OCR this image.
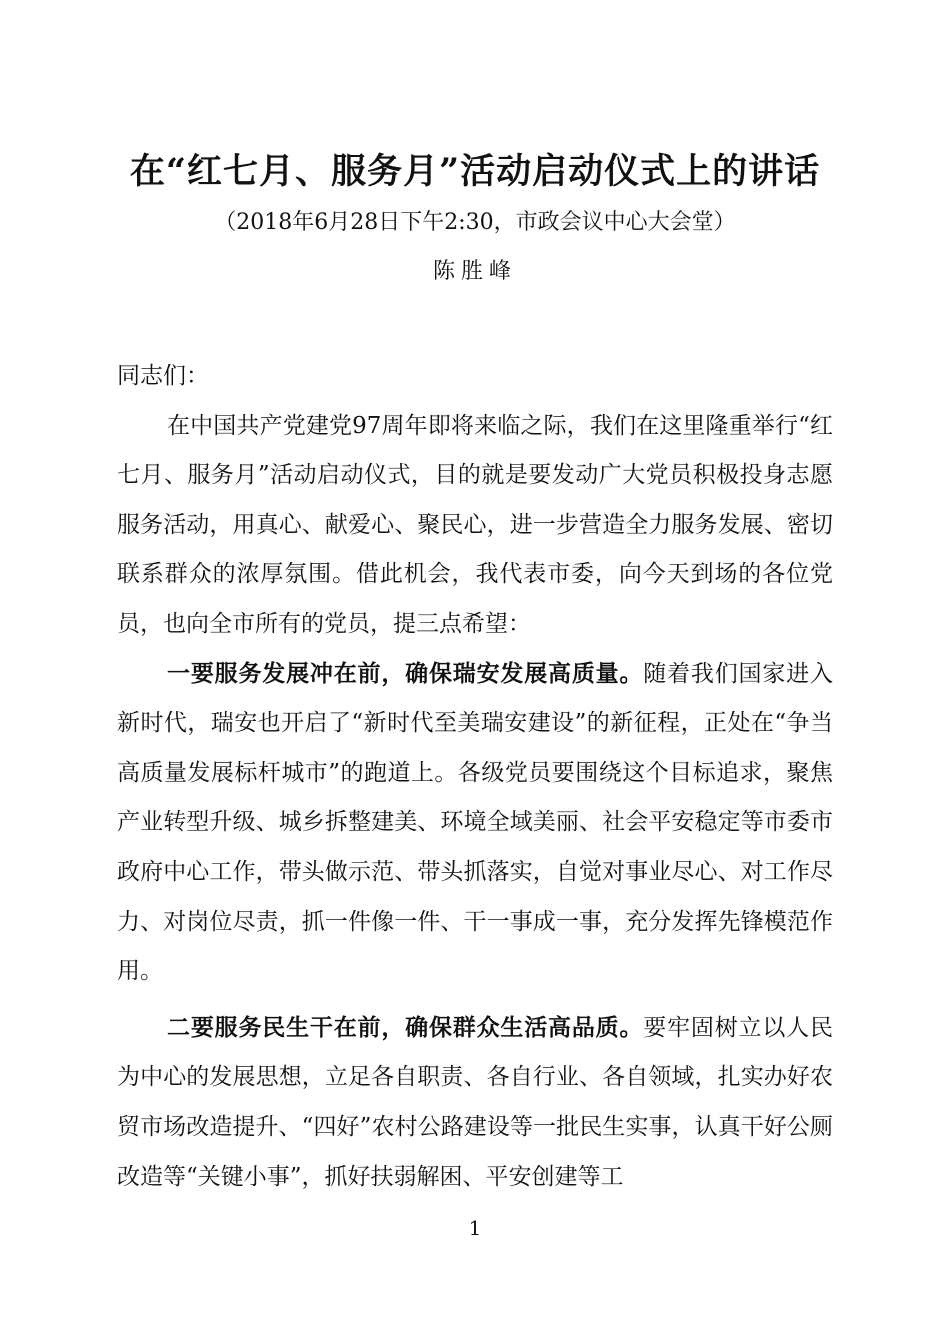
在“红七月、服务月”活动启动仪式上的讲话
（2018年6月28日下午2:30，市政会议中心大会堂）
陈胜峰

同志们：

在中国共产党建党97周年即将来临之际，我们在这里隆重举行“红七月、服务月”活动启动仪式，目的就是要发动广大党员积极投身志愿服务活动，用真心、献爱心、聚民心，进一步营造全力服务发展、密切联系群众的浓厚氛围。借此机会，我代表市委，向今天到场的各位党员，也向全市所有的党员，提三点希望：

一要服务发展冲在前，确保瑞安发展高质量。随着我们国家进入新时代，瑞安也开启了“新时代至美瑞安建设”的新征程，正处在“争当高质量发展标杆城市”的跑道上。各级党员要围绕这个目标追求，聚焦产业转型升级、城乡拆整建美、环境全域美丽、社会平安稳定等市委市政府中心工作，带头做示范、带头抓落实，自觉对事业尽心、对工作尽力、对岗位尽责，抓一件像一件、干一事成一事，充分发挥先锋模范作用。

二要服务民生干在前，确保群众生活高品质。要牢固树立以人民为中心的发展思想，立足各自职责、各自行业、各自领域，扎实办好农贸市场改造提升、“四好”农村公路建设等一批民生实事，认真干好公厕改造等“关键小事”，抓好扶弱解困、平安创建等工

1
